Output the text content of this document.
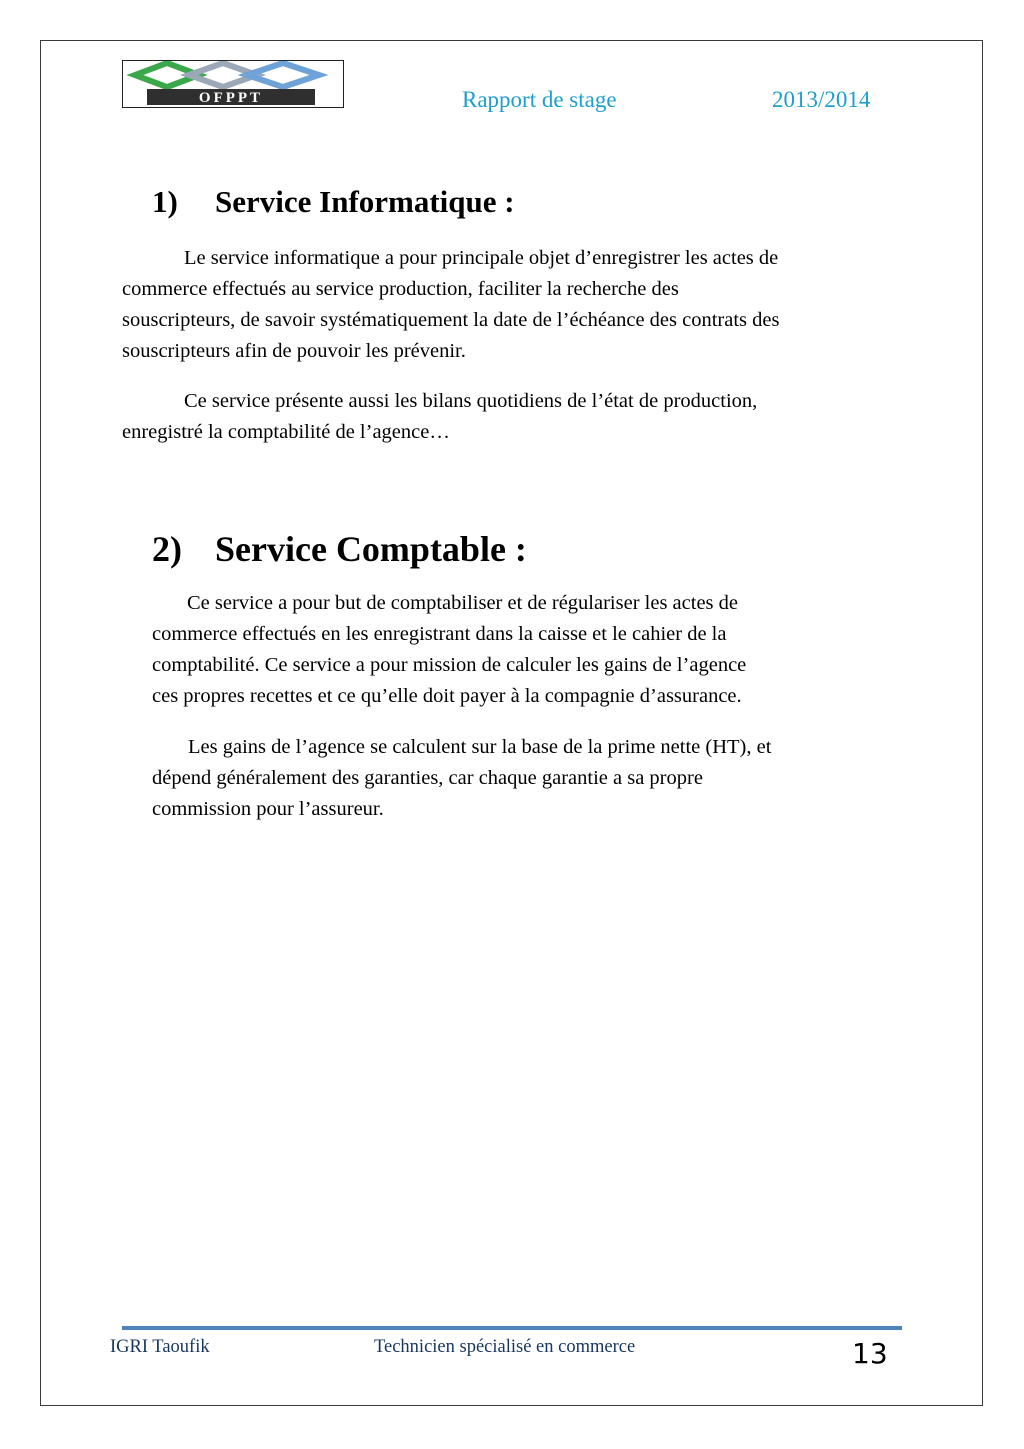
OFPPT	Rapport de stage	2013/2014
1) Service Informatique :

Le service informatique a pour principale objet d’enregistrer les actes de
commerce effectués au service production, faciliter la recherche des
souscripteurs, de savoir systématiquement la date de l’échéance des contrats des
souscripteurs afin de pouvoir les prévenir.

Ce service présente aussi les bilans quotidiens de l’état de production,
enregistré la comptabilité de l’agence…

2) Service Comptable :

Ce service a pour but de comptabiliser et de régulariser les actes de
commerce effectués en les enregistrant dans la caisse et le cahier de la
comptabilité. Ce service a pour mission de calculer les gains de l’agence
ces propres recettes et ce qu’elle doit payer à la compagnie d’assurance.

Les gains de l’agence se calculent sur la base de la prime nette (HT), et
dépend généralement des garanties, car chaque garantie a sa propre
commission pour l’assureur.

IGRI Taoufik	Technicien spécialisé en commerce	13
